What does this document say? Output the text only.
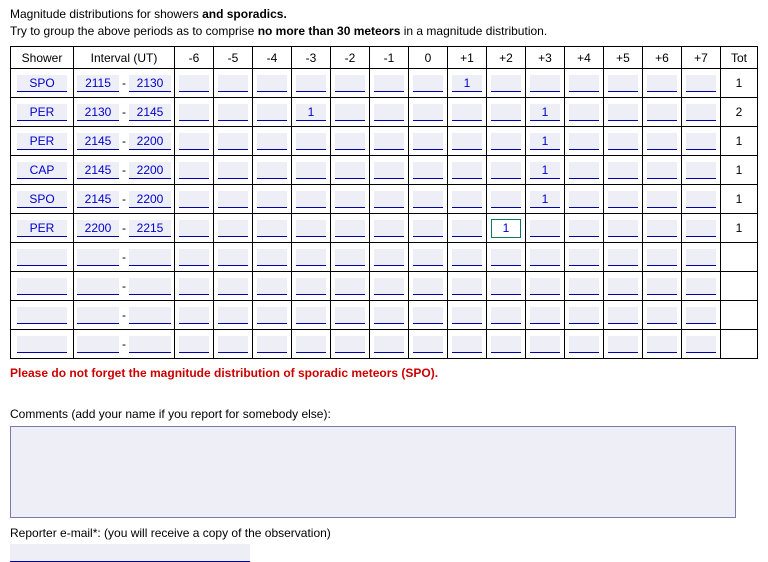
Magnitude distributions for showers and sporadics.
Try to group the above periods as to comprise no more than 30 meteors in a magnitude distribution.
Shower	Interval (UT)	-6	-5	-4	-3	-2	-1	0	+1	+2	+3	+4	+5	+6	+7	Tot
SPO	2115-2130								1							1
PER	2130-2145				1						1					2
PER	2145-2200										1					1
CAP	2145-2200										1					1
SPO	2145-2200										1					1
PER	2200-2215									1						1
	-															
	-															
	-															
	-															
Please do not forget the magnitude distribution of sporadic meteors (SPO).
Comments (add your name if you report for somebody else):
Reporter e-mail*: (you will receive a copy of the observation)
